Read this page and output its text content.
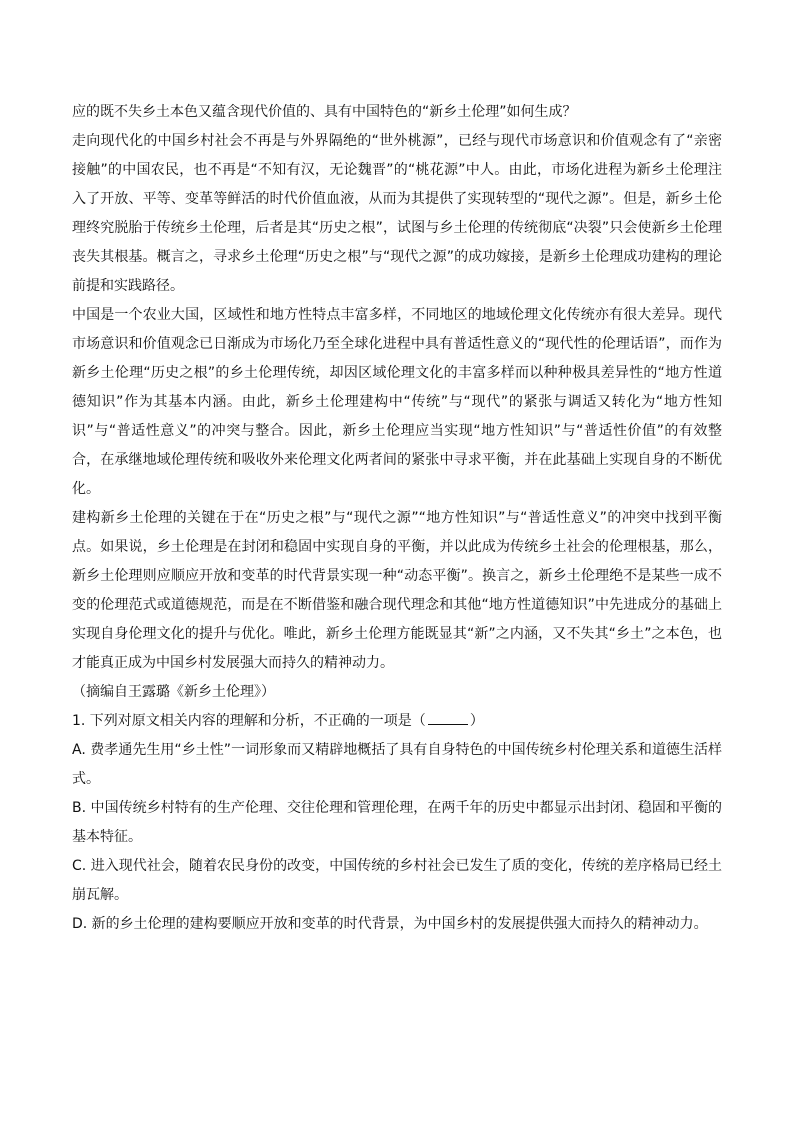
应的既不失乡土本色又蕴含现代价值的、具有中国特色的“新乡土伦理”如何生成？

走向现代化的中国乡村社会不再是与外界隔绝的“世外桃源”，已经与现代市场意识和价值观念有了“亲密接触”的中国农民，也不再是“不知有汉，无论魏晋”的“桃花源”中人。由此，市场化进程为新乡土伦理注入了开放、平等、变革等鲜活的时代价值血液，从而为其提供了实现转型的“现代之源”。但是，新乡土伦理终究脱胎于传统乡土伦理，后者是其“历史之根”，试图与乡土伦理的传统彻底“决裂”只会使新乡土伦理丧失其根基。概言之，寻求乡土伦理“历史之根”与“现代之源”的成功嫁接，是新乡土伦理成功建构的理论前提和实践路径。

中国是一个农业大国，区域性和地方性特点丰富多样，不同地区的地域伦理文化传统亦有很大差异。现代市场意识和价值观念已日渐成为市场化乃至全球化进程中具有普适性意义的“现代性的伦理话语”，而作为新乡土伦理“历史之根”的乡土伦理传统，却因区域伦理文化的丰富多样而以种种极具差异性的“地方性道德知识”作为其基本内涵。由此，新乡土伦理建构中“传统”与“现代”的紧张与调适又转化为“地方性知识”与“普适性意义”的冲突与整合。因此，新乡土伦理应当实现“地方性知识”与“普适性价值”的有效整合，在承继地域伦理传统和吸收外来伦理文化两者间的紧张中寻求平衡，并在此基础上实现自身的不断优化。

建构新乡土伦理的关键在于在“历史之根”与“现代之源”“地方性知识”与“普适性意义”的冲突中找到平衡点。如果说，乡土伦理是在封闭和稳固中实现自身的平衡，并以此成为传统乡土社会的伦理根基，那么，新乡土伦理则应顺应开放和变革的时代背景实现一种“动态平衡”。换言之，新乡土伦理绝不是某些一成不变的伦理范式或道德规范，而是在不断借鉴和融合现代理念和其他“地方性道德知识”中先进成分的基础上实现自身伦理文化的提升与优化。唯此，新乡土伦理方能既显其“新”之内涵，又不失其“乡土”之本色，也才能真正成为中国乡村发展强大而持久的精神动力。

（摘编自王露璐《新乡土伦理》）

1. 下列对原文相关内容的理解和分析，不正确的一项是（	）

A. 费孝通先生用“乡土性”一词形象而又精辟地概括了具有自身特色的中国传统乡村伦理关系和道德生活样式。

B. 中国传统乡村特有的生产伦理、交往伦理和管理伦理，在两千年的历史中都显示出封闭、稳固和平衡的基本特征。

C. 进入现代社会，随着农民身份的改变，中国传统的乡村社会已发生了质的变化，传统的差序格局已经土崩瓦解。

D. 新的乡土伦理的建构要顺应开放和变革的时代背景，为中国乡村的发展提供强大而持久的精神动力。
